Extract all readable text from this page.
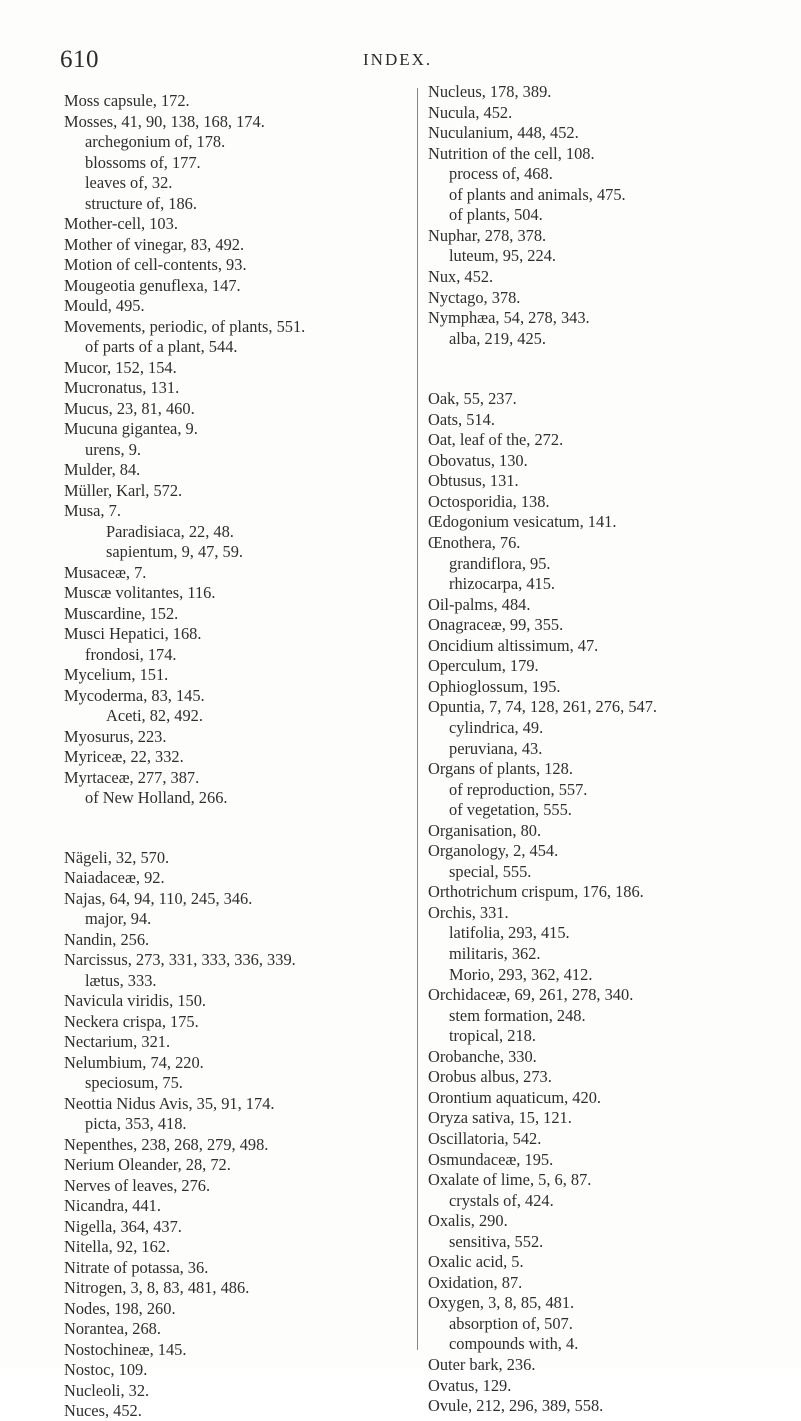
610	INDEX.
Moss capsule, 172.
Mosses, 41, 90, 138, 168, 174.
archegonium of, 178.
blossoms of, 177.
leaves of, 32.
structure of, 186.
Mother-cell, 103.
Mother of vinegar, 83, 492.
Motion of cell-contents, 93.
Mougeotia genuflexa, 147.
Mould, 495.
Movements, periodic, of plants, 551.
of parts of a plant, 544.
Mucor, 152, 154.
Mucronatus, 131.
Mucus, 23, 81, 460.
Mucuna gigantea, 9.
urens, 9.
Mulder, 84.
Müller, Karl, 572.
Musa, 7.
Paradisiaca, 22, 48.
sapientum, 9, 47, 59.
Musaceæ, 7.
Muscæ volitantes, 116.
Muscardine, 152.
Musci Hepatici, 168.
frondosi, 174.
Mycelium, 151.
Mycoderma, 83, 145.
Aceti, 82, 492.
Myosurus, 223.
Myriceæ, 22, 332.
Myrtaceæ, 277, 387.
of New Holland, 266.
Nägeli, 32, 570.
Naiadaceæ, 92.
Najas, 64, 94, 110, 245, 346.
major, 94.
Nandin, 256.
Narcissus, 273, 331, 333, 336, 339.
lætus, 333.
Navicula viridis, 150.
Neckera crispa, 175.
Nectarium, 321.
Nelumbium, 74, 220.
speciosum, 75.
Neottia Nidus Avis, 35, 91, 174.
picta, 353, 418.
Nepenthes, 238, 268, 279, 498.
Nerium Oleander, 28, 72.
Nerves of leaves, 276.
Nicandra, 441.
Nigella, 364, 437.
Nitella, 92, 162.
Nitrate of potassa, 36.
Nitrogen, 3, 8, 83, 481, 486.
Nodes, 198, 260.
Norantea, 268.
Nostochineæ, 145.
Nostoc, 109.
Nucleoli, 32.
Nuces, 452.
Nucleus, 178, 389.
Nucula, 452.
Nuculanium, 448, 452.
Nutrition of the cell, 108.
process of, 468.
of plants and animals, 475.
of plants, 504.
Nuphar, 278, 378.
luteum, 95, 224.
Nux, 452.
Nyctago, 378.
Nymphæa, 54, 278, 343.
alba, 219, 425.
Oak, 55, 237.
Oats, 514.
Oat, leaf of the, 272.
Obovatus, 130.
Obtusus, 131.
Octosporidia, 138.
Œdogonium vesicatum, 141.
Œnothera, 76.
grandiflora, 95.
rhizocarpa, 415.
Oil-palms, 484.
Onagraceæ, 99, 355.
Oncidium altissimum, 47.
Operculum, 179.
Ophioglossum, 195.
Opuntia, 7, 74, 128, 261, 276, 547.
cylindrica, 49.
peruviana, 43.
Organs of plants, 128.
of reproduction, 557.
of vegetation, 555.
Organisation, 80.
Organology, 2, 454.
special, 555.
Orthotrichum crispum, 176, 186.
Orchis, 331.
latifolia, 293, 415.
militaris, 362.
Morio, 293, 362, 412.
Orchidaceæ, 69, 261, 278, 340.
stem formation, 248.
tropical, 218.
Orobanche, 330.
Orobus albus, 273.
Orontium aquaticum, 420.
Oryza sativa, 15, 121.
Oscillatoria, 542.
Osmundaceæ, 195.
Oxalate of lime, 5, 6, 87.
crystals of, 424.
Oxalis, 290.
sensitiva, 552.
Oxalic acid, 5.
Oxidation, 87.
Oxygen, 3, 8, 85, 481.
absorption of, 507.
compounds with, 4.
Outer bark, 236.
Ovatus, 129.
Ovule, 212, 296, 389, 558.
